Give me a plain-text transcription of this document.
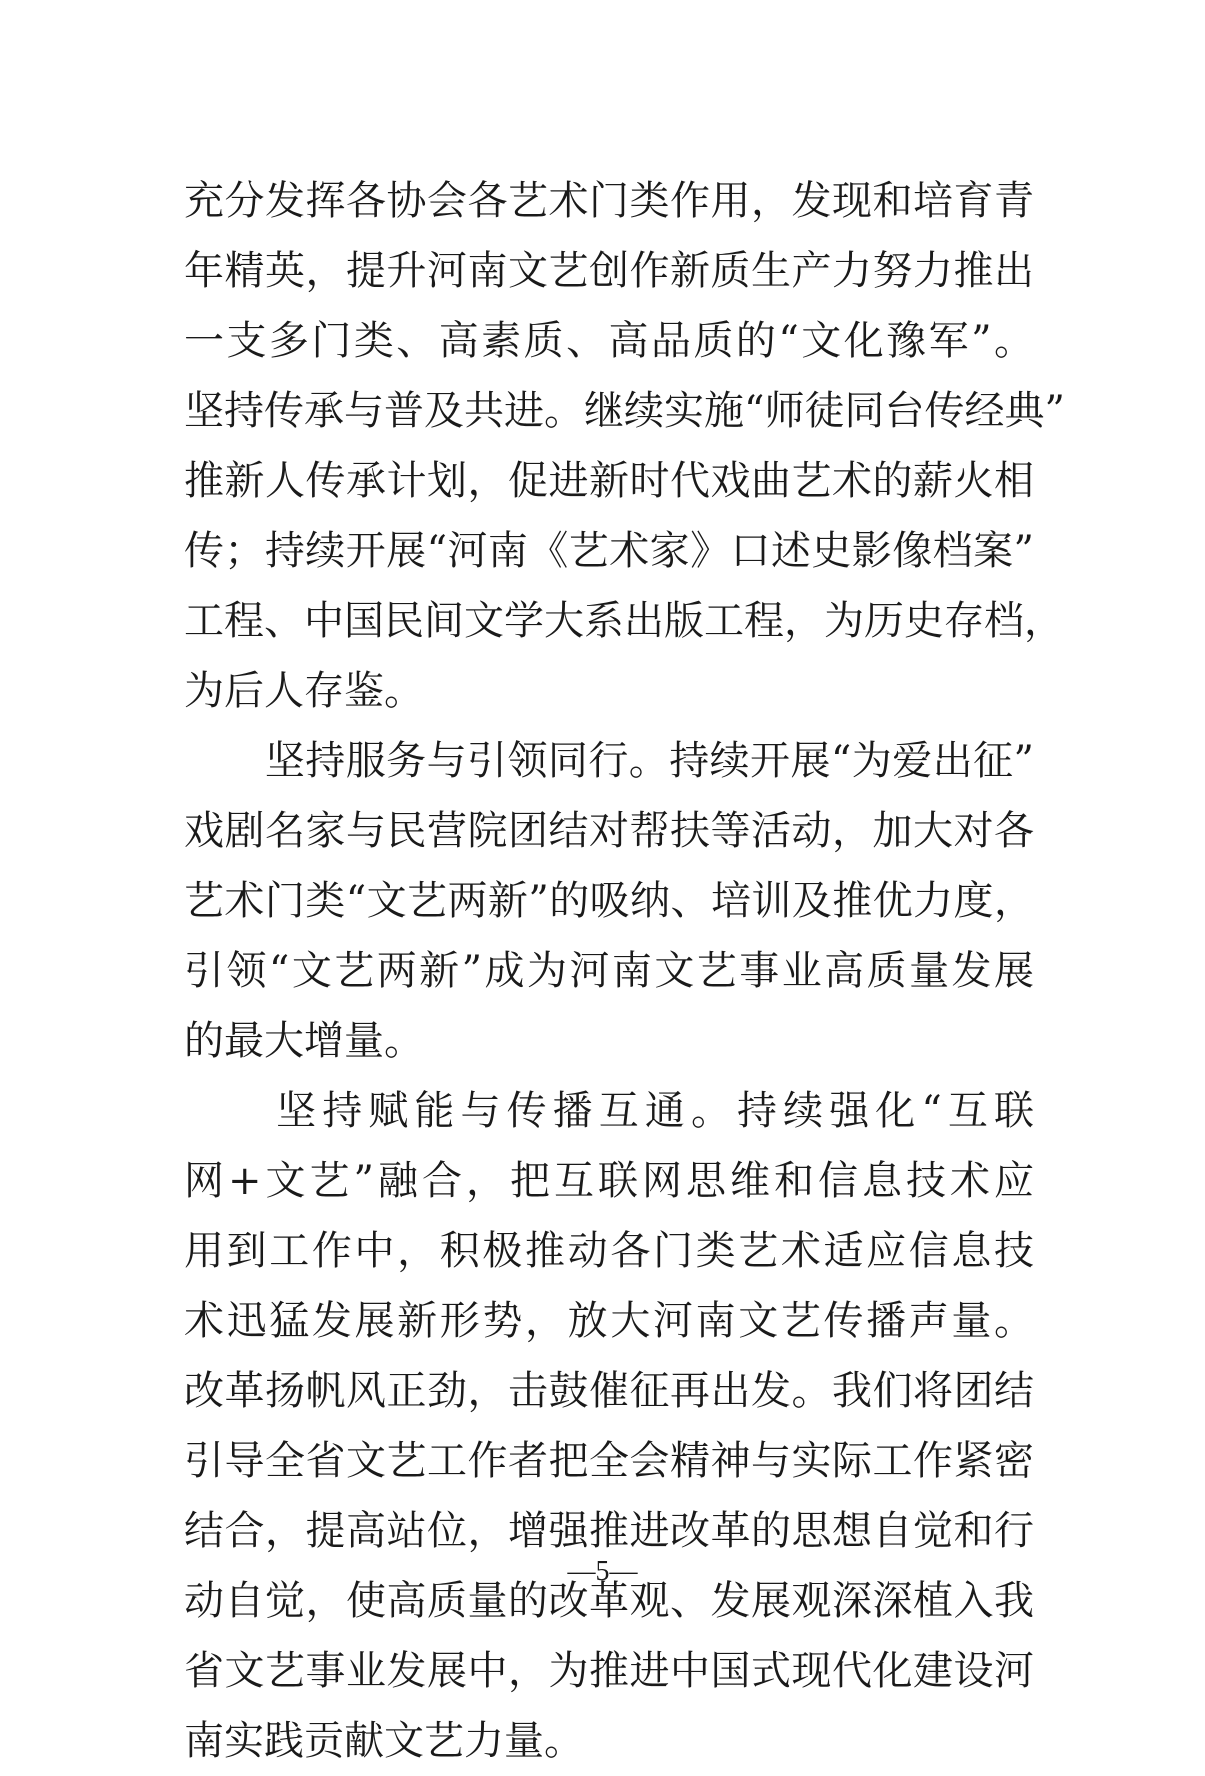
充分发挥各协会各艺术门类作用，发现和培育青
年精英，提升河南文艺创作新质生产力努力推出
一支多门类、高素质、高品质的“文化豫军”。
坚持传承与普及共进。继续实施“师徒同台传经典”
推新人传承计划，促进新时代戏曲艺术的薪火相
传；持续开展“河南《艺术家》口述史影像档案”
工程、中国民间文学大系出版工程，为历史存档，
为后人存鉴。
　　坚持服务与引领同行。持续开展“为爱出征”
戏剧名家与民营院团结对帮扶等活动，加大对各
艺术门类“文艺两新”的吸纳、培训及推优力度，
引领“文艺两新”成为河南文艺事业高质量发展
的最大增量。
　　坚持赋能与传播互通。持续强化“互联
网+文艺”融合，把互联网思维和信息技术应
用到工作中，积极推动各门类艺术适应信息技
术迅猛发展新形势，放大河南文艺传播声量。
改革扬帆风正劲，击鼓催征再出发。我们将团结
引导全省文艺工作者把全会精神与实际工作紧密
结合，提高站位，增强推进改革的思想自觉和行
动自觉，使高质量的改革观、发展观深深植入我
省文艺事业发展中，为推进中国式现代化建设河
南实践贡献文艺力量。
—5—
